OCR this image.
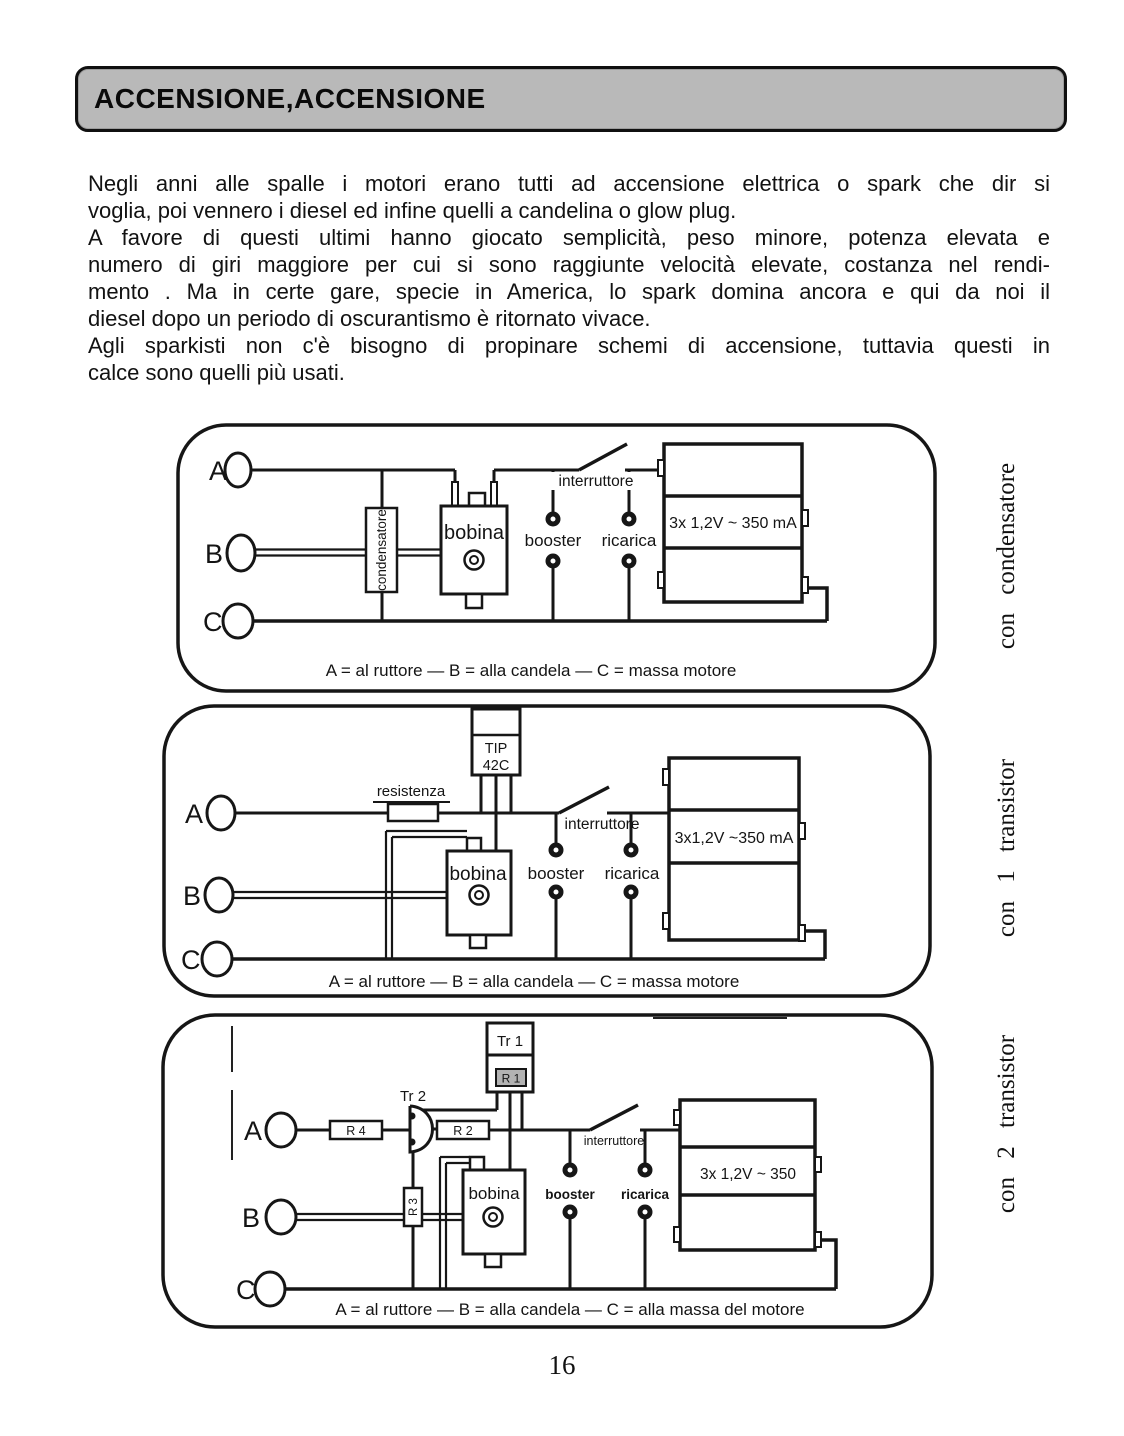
ACCENSIONE,ACCENSIONE
Negli anni alle spalle i motori erano tutti ad accensione elettrica o spark che dir si
voglia, poi vennero i diesel ed infine quelli a candelina o glow plug.
A favore di questi ultimi hanno giocato semplicità, peso minore, potenza elevata e
numero di giri maggiore per cui si sono raggiunte velocità elevate, costanza nel rendi-
mento . Ma in certe gare, specie in America, lo spark domina ancora e qui da noi il
diesel dopo un periodo di oscurantismo è ritornato vivace.
Agli sparkisti non c'è bisogno di propinare schemi di accensione, tuttavia questi in
calce sono quelli più usati.
condensatore	bobina
interruttore
booster ricarica
3x 1,2V ~ 350 mA
A
B
C
A = al ruttore — B = alla candela — C = massa motore
con condensatore
TIP
42C
resistenza
bobina
interruttore
booster ricarica
3x1,2V ~350 mA
A
B
C
A = al ruttore — B = alla candela — C = massa motore
con 1 transistor
Tr 1
R 1
R 4
Tr 2
R 2
bobina
R 3
interruttore
booster ricarica
3x 1,2V ~ 350
A
B
C
A = al ruttore — B = alla candela — C = alla massa del motore
con 2 transistor
16
